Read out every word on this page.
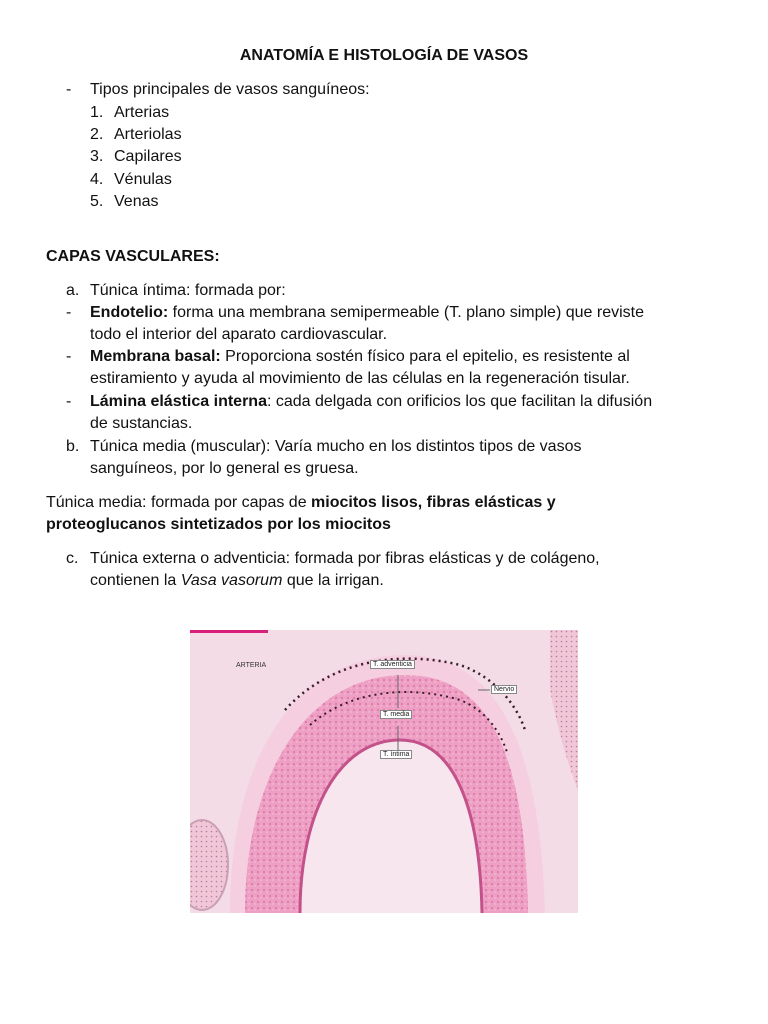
ANATOMÍA E HISTOLOGÍA DE VASOS
- Tipos principales de vasos sanguíneos:
1. Arterias
2. Arteriolas
3. Capilares
4. Vénulas
5. Venas
CAPAS VASCULARES:
a. Túnica íntima: formada por:
- Endotelio: forma una membrana semipermeable (T. plano simple) que reviste
todo el interior del aparato cardiovascular.
- Membrana basal: Proporciona sostén físico para el epitelio, es resistente al
estiramiento y ayuda al movimiento de las células en la regeneración tisular.
- Lámina elástica interna: cada delgada con orificios los que facilitan la difusión
de sustancias.
b. Túnica media (muscular): Varía mucho en los distintos tipos de vasos
sanguíneos, por lo general es gruesa.
Túnica media: formada por capas de miocitos lisos, fibras elásticas y
proteoglucanos sintetizados por los miocitos
c. Túnica externa o adventicia: formada por fibras elásticas y de colágeno,
contienen la Vasa vasorum que la irrigan.
ARTERIA	T. adventicia
T. media
T. íntima
Nervio
